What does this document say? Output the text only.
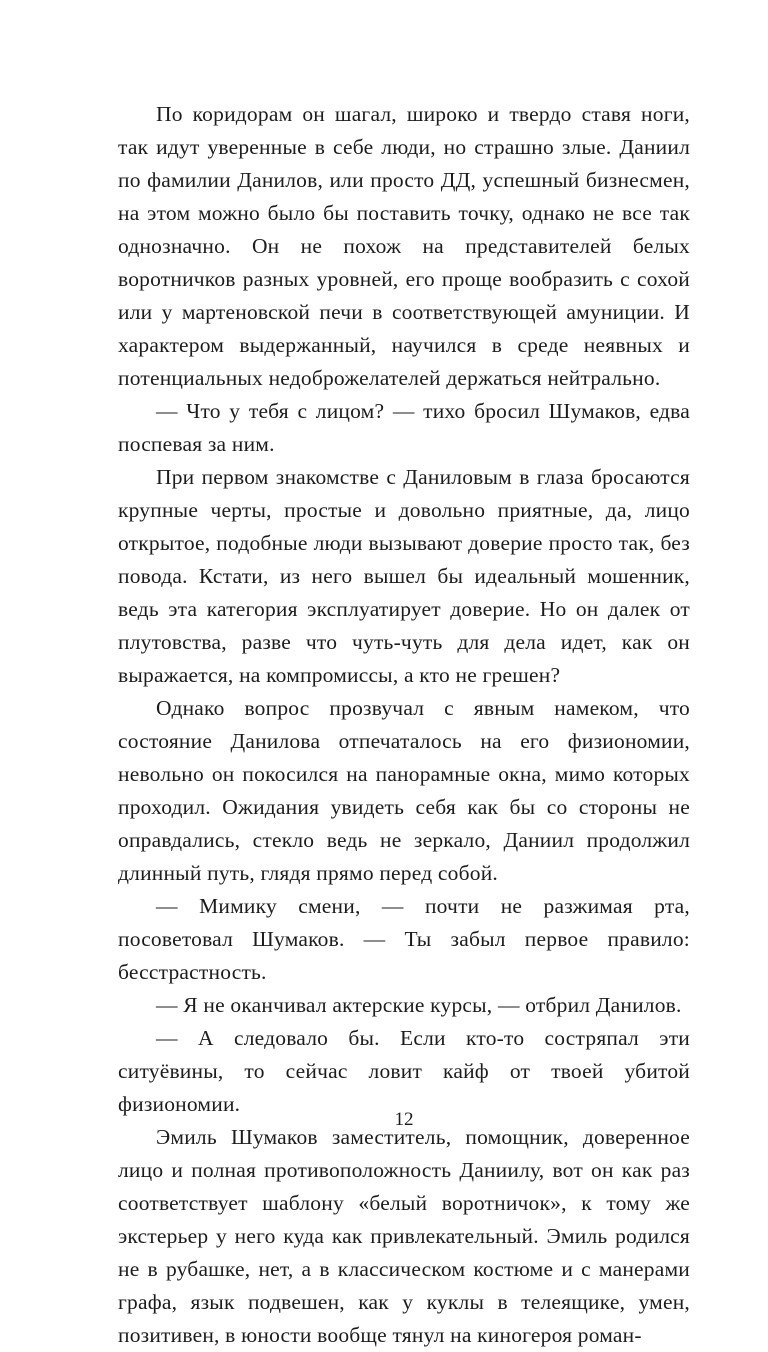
По коридорам он шагал, широко и твердо ставя ноги, так идут уверенные в себе люди, но страшно злые. Даниил по фамилии Данилов, или просто ДД, успешный бизнесмен, на этом можно было бы поставить точку, однако не все так однозначно. Он не похож на представителей белых воротничков разных уровней, его проще вообразить с сохой или у мартеновской печи в соответствующей амуниции. И характером выдержанный, научился в среде неявных и потенциальных недоброжелателей держаться нейтрально.

— Что у тебя с лицом? — тихо бросил Шумаков, едва поспевая за ним.

При первом знакомстве с Даниловым в глаза бросаются крупные черты, простые и довольно приятные, да, лицо открытое, подобные люди вызывают доверие просто так, без повода. Кстати, из него вышел бы идеальный мошенник, ведь эта категория эксплуатирует доверие. Но он далек от плутовства, разве что чуть-чуть для дела идет, как он выражается, на компромиссы, а кто не грешен?

Однако вопрос прозвучал с явным намеком, что состояние Данилова отпечаталось на его физиономии, невольно он покосился на панорамные окна, мимо которых проходил. Ожидания увидеть себя как бы со стороны не оправдались, стекло ведь не зеркало, Даниил продолжил длинный путь, глядя прямо перед собой.

— Мимику смени, — почти не разжимая рта, посоветовал Шумаков. — Ты забыл первое правило: бесстрастность.

— Я не оканчивал актерские курсы, — отбрил Данилов.

— А следовало бы. Если кто-то состряпал эти ситуёвины, то сейчас ловит кайф от твоей убитой физиономии.

Эмиль Шумаков заместитель, помощник, доверенное лицо и полная противоположность Даниилу, вот он как раз соответствует шаблону «белый воротничок», к тому же экстерьер у него куда как привлекательный. Эмиль родился не в рубашке, нет, а в классическом костюме и с манерами графа, язык подвешен, как у куклы в телеящике, умен, позитивен, в юности вообще тянул на киногероя роман-

12
